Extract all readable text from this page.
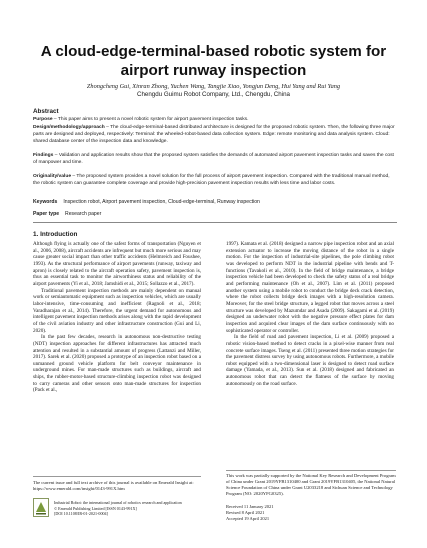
A cloud-edge-terminal-based robotic system for airport runway inspection
Zhongcheng Gui, Xinran Zhong, Yuchen Wang, Tangjie Xiao, Yongjun Deng, Hui Yang and Rui Yang
Chengdu Guimu Robot Company, Ltd., Chengdu, China
Abstract
Purpose – This paper aims to present a novel robotic system for airport pavement inspection tasks.
Design/methodology/approach – The cloud-edge-terminal-based distributed architecture is designed for the proposed robotic system. Then, the following three major parts are designed and deployed, respectively: Terminal: the wheeled-robot-based data collection system. Edge: remote monitoring and data analysis system. Cloud: shared database center of the inspection data and knowledge.
Findings – Validation and application results show that the proposed system satisfies the demands of automated airport pavement inspection tasks and saves the cost of manpower and time.
Originality/value – The proposed system provides a novel solution for the full process of airport pavement inspection. Compared with the traditional manual method, the robotic system can guarantee complete coverage and provide high-precision pavement inspection results with less time and labor costs.
Keywords Inspection robot, Airport pavement inspection, Cloud-edge-terminal, Runway inspection
Paper type Research paper
1. Introduction

Although flying is actually one of the safest forms of transportation (Nguyen et al., 2006, 2008), aircraft accidents are infrequent but much more serious and may cause greater social impact than other traffic accidents (Helmreich and Foushee, 1993). As the structural performance of airport pavements (runway, taxiway and apron) is closely related to the aircraft operation safety, pavement inspection is, thus an essential task to monitor the airworthiness status and reliability of the airport pavements (Yi et al., 2018; Jamshidi et al., 2015; Sollazzo et al., 2017).

Traditional pavement inspection methods are mainly dependent on manual work or semiautomatic equipment such as inspection vehicles, which are usually labor-intensive, time-consuming and inefficient (Ragnoli et al., 2018; Varadharajan et al., 2014). Therefore, the urgent demand for autonomous and intelligent pavement inspection methods arises along with the rapid development of the civil aviation industry and other infrastructure construction (Gui and Li, 2020).

In the past few decades, research in autonomous non-destructive testing (NDT) inspection approaches for different infrastructures has attracted much attention and resulted in a substantial amount of progress (Lattanzi and Miller, 2017). Sarek et al. (2020) proposed a prototype of an inspection robot based on a unmanned ground vehicle platform for belt conveyor maintenance in underground mines. For man-made structures such as buildings, aircraft and ships, the rubber-motor-based structure-climbing inspection robot was designed to carry cameras and other sensors onto man-made structures for inspection (Pack et al.,

1997). Kamata et al. (2018) designed a narrow pipe inspection robot and an axial extension actuator to increase the moving distance of the robot in a single motion. For the inspection of industrial-site pipelines, the pole climbing robot was developed to perform NDT in the industrial pipeline with bends and T-functions (Tavakoli et al., 2010). In the field of bridge maintenance, a bridge inspection vehicle had been developed to check the safety status of a real bridge and performing maintenance (Oh et al., 2007). Lim et al. (2011) proposed another system using a mobile robot to conduct the bridge deck crack detection, where the robot collects bridge deck images with a high-resolution camera. Moreover, for the steel bridge structure, a legged robot that moves across a steel structure was developed by Mazumdar and Asada (2009). Sakagami et al. (2019) designed an underwater robot with the negative pressure effect plates for dam inspection and acquired clear images of the dam surface continuously with no sophisticated operator or controller.

In the field of road and pavement inspection, Li et al. (2009) proposed a robotic vision-based method to detect cracks in a pixel-wise manner from real concrete surface images. Tseng et al. (2011) presented three motion strategies for the pavement distress survey by using autonomous robots. Furthermore, a mobile robot equipped with a two-dimensional laser is designed to detect road surface damage (Yamada, et al., 2013). Sun et al. (2018) designed and fabricated an autonomous robot that can detect the flatness of the surface by moving autonomously on the road surface.

The current issue and full text archive of this journal is available on Emerald Insight at: https://www.emerald.com/insight/0143-991X.htm
Industrial Robot: the international journal of robotics research and application
© Emerald Publishing Limited [ISSN 0143-991X]
[DOI 10.1108/IR-01-2021-0004]
This work was partially supported by the National Key Research and Development Program of China under Grant 2019YFB1310400 and Grant 2019YFB1310405, the National Natural Science Foundation of China under Grant U2033218 and Sichuan Science and Technology Program (NO: 2020YFG0325).
Received 11 January 2021
Revised 8 April 2021
Accepted 19 April 2021
